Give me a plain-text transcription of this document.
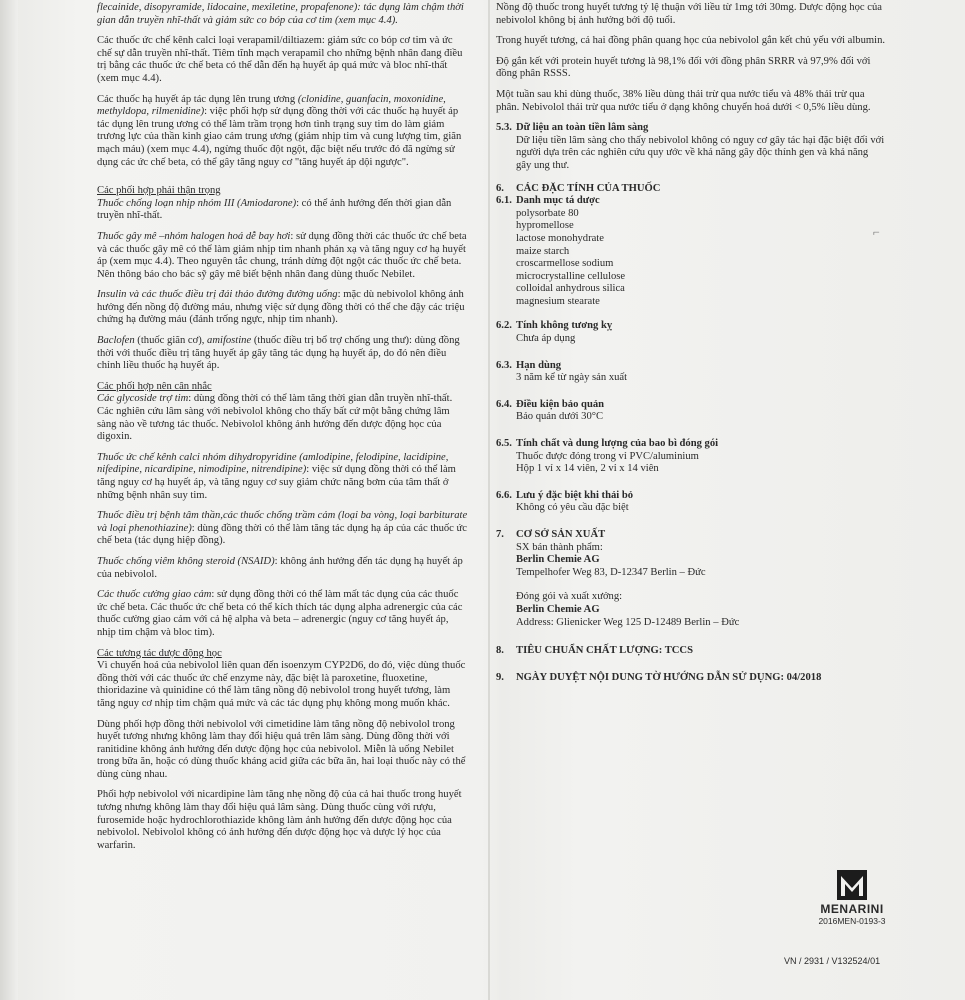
flecainide, disopyramide, lidocaine, mexiletine, propafenone): tác dụng làm chậm thời gian dẫn truyền nhĩ-thất và giảm sức co bóp của cơ tim (xem mục 4.4).

Các thuốc ức chế kênh calci loại verapamil/diltiazem: giảm sức co bóp cơ tim và ức chế sự dẫn truyền nhĩ-thất. Tiêm tĩnh mạch verapamil cho những bệnh nhân đang điều trị bằng các thuốc ức chế beta có thể dẫn đến hạ huyết áp quá mức và bloc nhĩ-thất (xem mục 4.4).

Các thuốc hạ huyết áp tác dụng lên trung ương (clonidine, guanfacin, moxonidine, methyldopa, rilmenidine): việc phối hợp sử dụng đồng thời với các thuốc hạ huyết áp tác dụng lên trung ương có thể làm trầm trọng hơn tình trạng suy tim do làm giảm trương lực của thần kinh giao cảm trung ương (giảm nhịp tim và cung lượng tim, giãn mạch máu) (xem mục 4.4), ngừng thuốc đột ngột, đặc biệt nếu trước đó đã ngừng sử dụng các ức chế beta, có thể gây tăng nguy cơ "tăng huyết áp dội ngược".

Các phối hợp phải thận trọng

Thuốc chống loạn nhịp nhóm III (Amiodarone): có thể ảnh hưởng đến thời gian dẫn truyền nhĩ-thất.

Thuốc gây mê –nhóm halogen hoá dễ bay hơi: sử dụng đồng thời các thuốc ức chế beta và các thuốc gây mê có thể làm giảm nhịp tim nhanh phản xạ và tăng nguy cơ hạ huyết áp (xem mục 4.4). Theo nguyên tắc chung, tránh dừng đột ngột các thuốc ức chế beta. Nên thông báo cho bác sỹ gây mê biết bệnh nhân đang dùng thuốc Nebilet.

Insulin và các thuốc điều trị đái tháo đường đường uống: mặc dù nebivolol không ảnh hưởng đến nồng độ đường máu, nhưng việc sử dụng đồng thời có thể che đậy các triệu chứng hạ đường máu (đánh trống ngực, nhịp tim nhanh).

Baclofen (thuốc giãn cơ), amifostine (thuốc điều trị bổ trợ chống ung thư): dùng đồng thời với thuốc điều trị tăng huyết áp gây tăng tác dụng hạ huyết áp, do đó nên điều chỉnh liều thuốc hạ huyết áp.

Các phối hợp nên cân nhắc

Các glycoside trợ tim: dùng đồng thời có thể làm tăng thời gian dẫn truyền nhĩ-thất. Các nghiên cứu lâm sàng với nebivolol không cho thấy bất cứ một bằng chứng lâm sàng nào về tương tác thuốc. Nebivolol không ảnh hưởng đến dược động học của digoxin.

Thuốc ức chế kênh calci nhóm dihydropyridine (amlodipine, felodipine, lacidipine, nifedipine, nicardipine, nimodipine, nitrendipine): việc sử dụng đồng thời có thể làm tăng nguy cơ hạ huyết áp, và tăng nguy cơ suy giảm chức năng bơm của tâm thất ở những bệnh nhân suy tim.

Thuốc điều trị bệnh tâm thần,các thuốc chống trầm cảm (loại ba vòng, loại barbiturate và loại phenothiazine): dùng đồng thời có thể làm tăng tác dụng hạ áp của các thuốc ức chế beta (tác dụng hiệp đồng).

Thuốc chống viêm không steroid (NSAID): không ảnh hưởng đến tác dụng hạ huyết áp của nebivolol.

Các thuốc cường giao cảm: sử dụng đồng thời có thể làm mất tác dụng của các thuốc ức chế beta. Các thuốc ức chế beta có thể kích thích tác dụng alpha adrenergic của các thuốc cường giao cảm với cả hệ alpha và beta – adrenergic (nguy cơ tăng huyết áp, nhịp tim chậm và bloc tim).

Các tương tác dược động học

Vì chuyển hoá của nebivolol liên quan đến isoenzym CYP2D6, do đó, việc dùng thuốc đồng thời với các thuốc ức chế enzyme này, đặc biệt là paroxetine, fluoxetine, thioridazine và quinidine có thể làm tăng nồng độ nebivolol trong huyết tương, làm tăng nguy cơ nhịp tim chậm quá mức và các tác dụng phụ không mong muốn khác.

Dùng phối hợp đồng thời nebivolol với cimetidine làm tăng nồng độ nebivolol trong huyết tương nhưng không làm thay đổi hiệu quả trên lâm sàng. Dùng đồng thời với ranitidine không ảnh hưởng đến dược động học của nebivolol. Miễn là uống Nebilet trong bữa ăn, hoặc có dùng thuốc kháng acid giữa các bữa ăn, hai loại thuốc này có thể dùng cùng nhau.

Phối hợp nebivolol với nicardipine làm tăng nhẹ nồng độ của cả hai thuốc trong huyết tương nhưng không làm thay đổi hiệu quả lâm sàng. Dùng thuốc cùng với rượu, furosemide hoặc hydrochlorothiazide không làm ảnh hưởng đến dược động học của nebivolol. Nebivolol không có ảnh hưởng đến dược động học và dược lý học của warfarin.

Nồng độ thuốc trong huyết tương tỷ lệ thuận với liều từ 1mg tới 30mg. Dược động học của nebivolol không bị ảnh hưởng bởi độ tuổi.

Trong huyết tương, cả hai đồng phân quang học của nebivolol gắn kết chủ yếu với albumin.

Độ gắn kết với protein huyết tương là 98,1% đối với đồng phân SRRR và 97,9% đối với đồng phân RSSS.

Một tuần sau khi dùng thuốc, 38% liều dùng thải trừ qua nước tiểu và 48% thải trừ qua phân. Nebivolol thải trừ qua nước tiểu ở dạng không chuyển hoá dưới < 0,5% liều dùng.

5.3. Dữ liệu an toàn tiền lâm sàng

Dữ liệu tiền lâm sàng cho thấy nebivolol không có nguy cơ gây tác hại đặc biệt đối với người dựa trên các nghiên cứu quy ước về khả năng gây độc thính gen và khả năng gây ung thư.

6.	CÁC ĐẶC TÍNH CỦA THUỐC
6.1. Danh mục tá dược
polysorbate 80
hypromellose
lactose monohydrate
maize starch
croscarmellose sodium
microcrystalline cellulose
colloidal anhydrous silica
magnesium stearate
6.2. Tính không tương kỵ
Chưa áp dụng
6.3. Hạn dùng
3 năm kể từ ngày sản xuất
6.4. Điều kiện bảo quản
Bảo quản dưới 30°C
6.5. Tính chất và dung lượng của bao bì đóng gói
Thuốc được đóng trong vỉ PVC/aluminium
Hộp 1 vỉ x 14 viên, 2 vỉ x 14 viên
6.6. Lưu ý đặc biệt khi thải bỏ
Không có yêu cầu đặc biệt
7.	CƠ SỞ SẢN XUẤT
SX bán thành phẩm:
Berlin Chemie AG
Tempelhofer Weg 83, D-12347 Berlin – Đức
Đóng gói và xuất xưởng:
Berlin Chemie AG
Address: Glienicker Weg 125 D-12489 Berlin – Đức
8.	TIÊU CHUẨN CHẤT LƯỢNG: TCCS
9.	NGÀY DUYỆT NỘI DUNG TỜ HƯỚNG DẪN SỬ DỤNG: 04/2018
⌐
MENARINI
2016MEN-0193-3
VN / 2931 / V132524/01
